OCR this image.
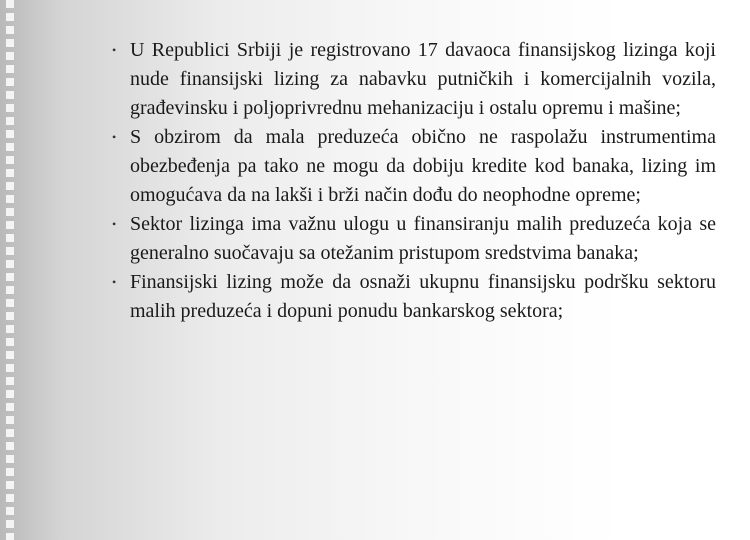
• U Republici Srbiji je registrovano 17 davaoca finansijskog lizinga koji nude finansijski lizing za nabavku putničkih i komercijalnih vozila, građevinsku i poljoprivrednu mehanizaciju i ostalu opremu i mašine;
• S obzirom da mala preduzeća obično ne raspolažu instrumentima obezbeđenja pa tako ne mogu da dobiju kredite kod banaka, lizing im omogućava da na lakši i brži način dođu do neophodne opreme;
• Sektor lizinga ima važnu ulogu u finansiranju malih preduzeća koja se generalno suočavaju sa otežanim pristupom sredstvima banaka;
• Finansijski lizing može da osnaži ukupnu finansijsku podršku sektoru malih preduzeća i dopuni ponudu bankarskog sektora;
